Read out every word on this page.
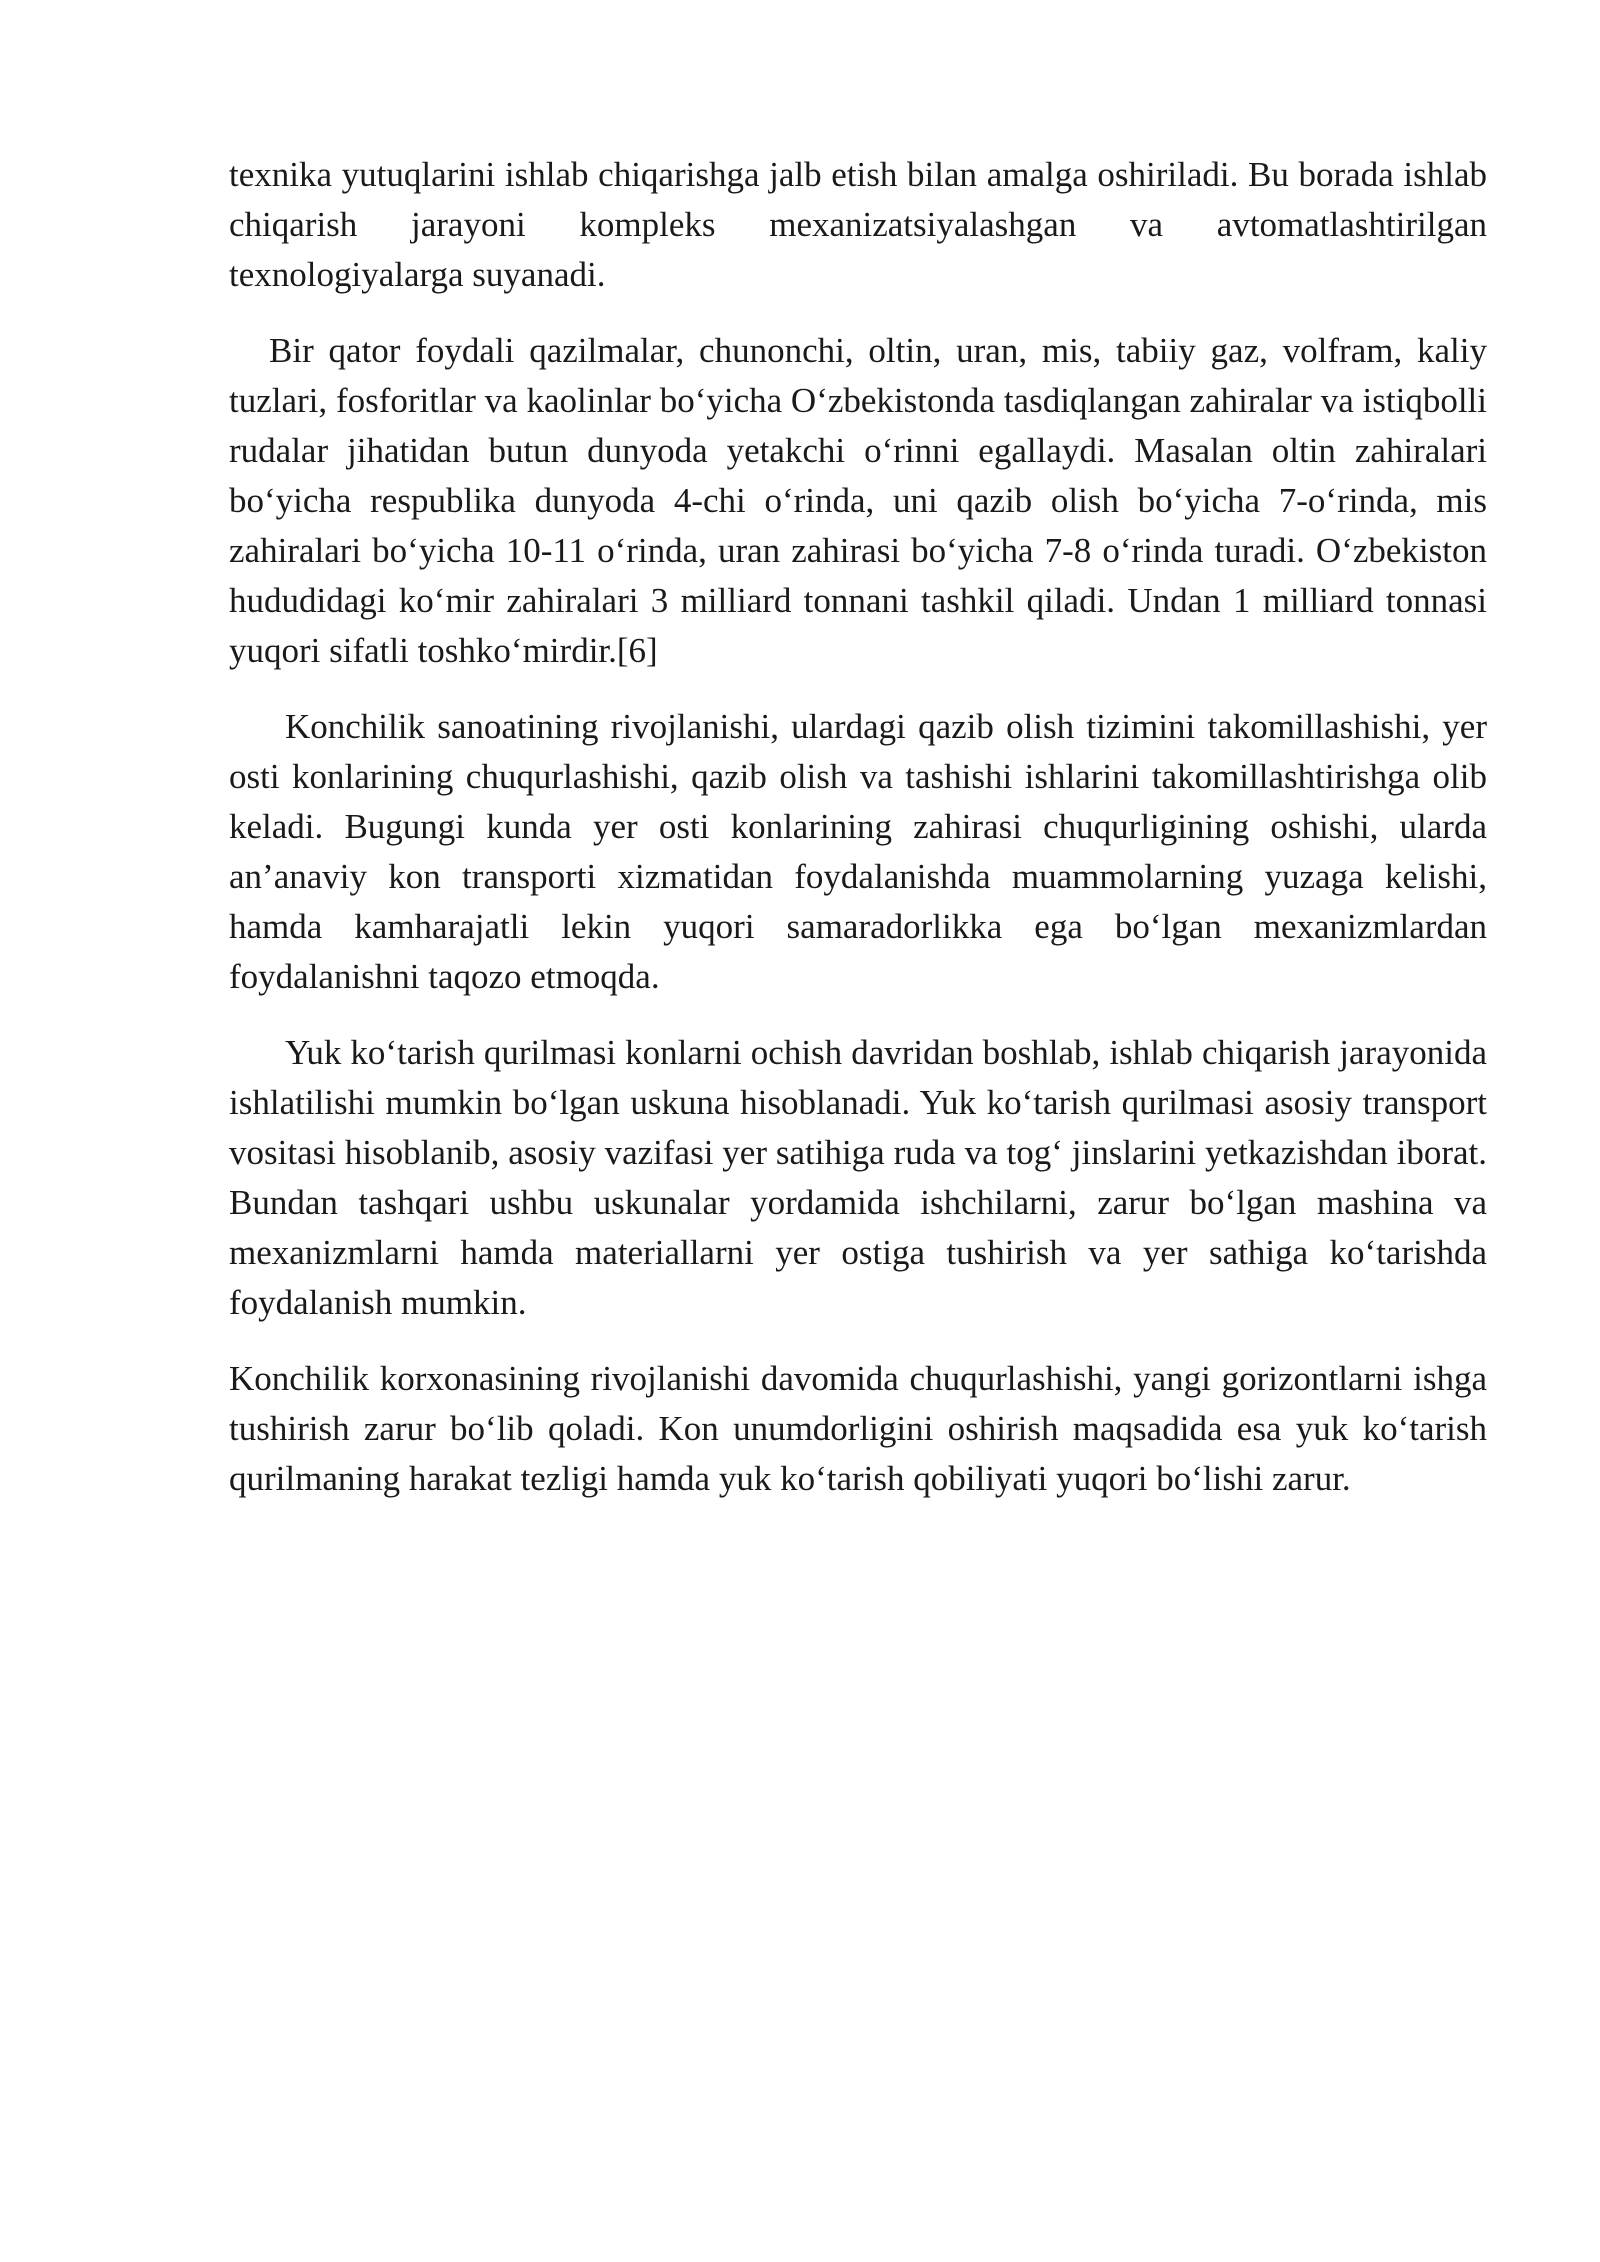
texnika yutuqlarini ishlab chiqarishga jalb etish bilan amalga oshiriladi. Bu borada ishlab chiqarish jarayoni kompleks mexanizatsiyalashgan va avtomatlashtirilgan texnologiyalarga suyanadi.

Bir qator foydali qazilmalar, chunonchi, oltin, uran, mis, tabiiy gaz, volfram, kaliy tuzlari, fosforitlar va kaolinlar bo‘yicha O‘zbekistonda tasdiqlangan zahiralar va istiqbolli rudalar jihatidan butun dunyoda yetakchi o‘rinni egallaydi. Masalan oltin zahiralari bo‘yicha respublika dunyoda 4-chi o‘rinda, uni qazib olish bo‘yicha 7-o‘rinda, mis zahiralari bo‘yicha 10-11 o‘rinda, uran zahirasi bo‘yicha 7-8 o‘rinda turadi. O‘zbekiston hududidagi ko‘mir zahiralari 3 milliard tonnani tashkil qiladi. Undan 1 milliard tonnasi yuqori sifatli toshko‘mirdir.[6]

Konchilik sanoatining rivojlanishi, ulardagi qazib olish tizimini takomillashishi, yer osti konlarining chuqurlashishi, qazib olish va tashishi ishlarini takomillashtirishga olib keladi. Bugungi kunda yer osti konlarining zahirasi chuqurligining oshishi, ularda an’anaviy kon transporti xizmatidan foydalanishda muammolarning yuzaga kelishi, hamda kamharajatli lekin yuqori samaradorlikka ega bo‘lgan mexanizmlardan foydalanishni taqozo etmoqda.

Yuk ko‘tarish qurilmasi konlarni ochish davridan boshlab, ishlab chiqarish jarayonida ishlatilishi mumkin bo‘lgan uskuna hisoblanadi. Yuk ko‘tarish qurilmasi asosiy transport vositasi hisoblanib, asosiy vazifasi yer satihiga ruda va tog‘ jinslarini yetkazishdan iborat. Bundan tashqari ushbu uskunalar yordamida ishchilarni, zarur bo‘lgan mashina va mexanizmlarni hamda materiallarni yer ostiga tushirish va yer sathiga ko‘tarishda foydalanish mumkin.

Konchilik korxonasining rivojlanishi davomida chuqurlashishi, yangi gorizontlarni ishga tushirish zarur bo‘lib qoladi. Kon unumdorligini oshirish maqsadida esa yuk ko‘tarish qurilmaning harakat tezligi hamda yuk ko‘tarish qobiliyati yuqori bo‘lishi zarur.
